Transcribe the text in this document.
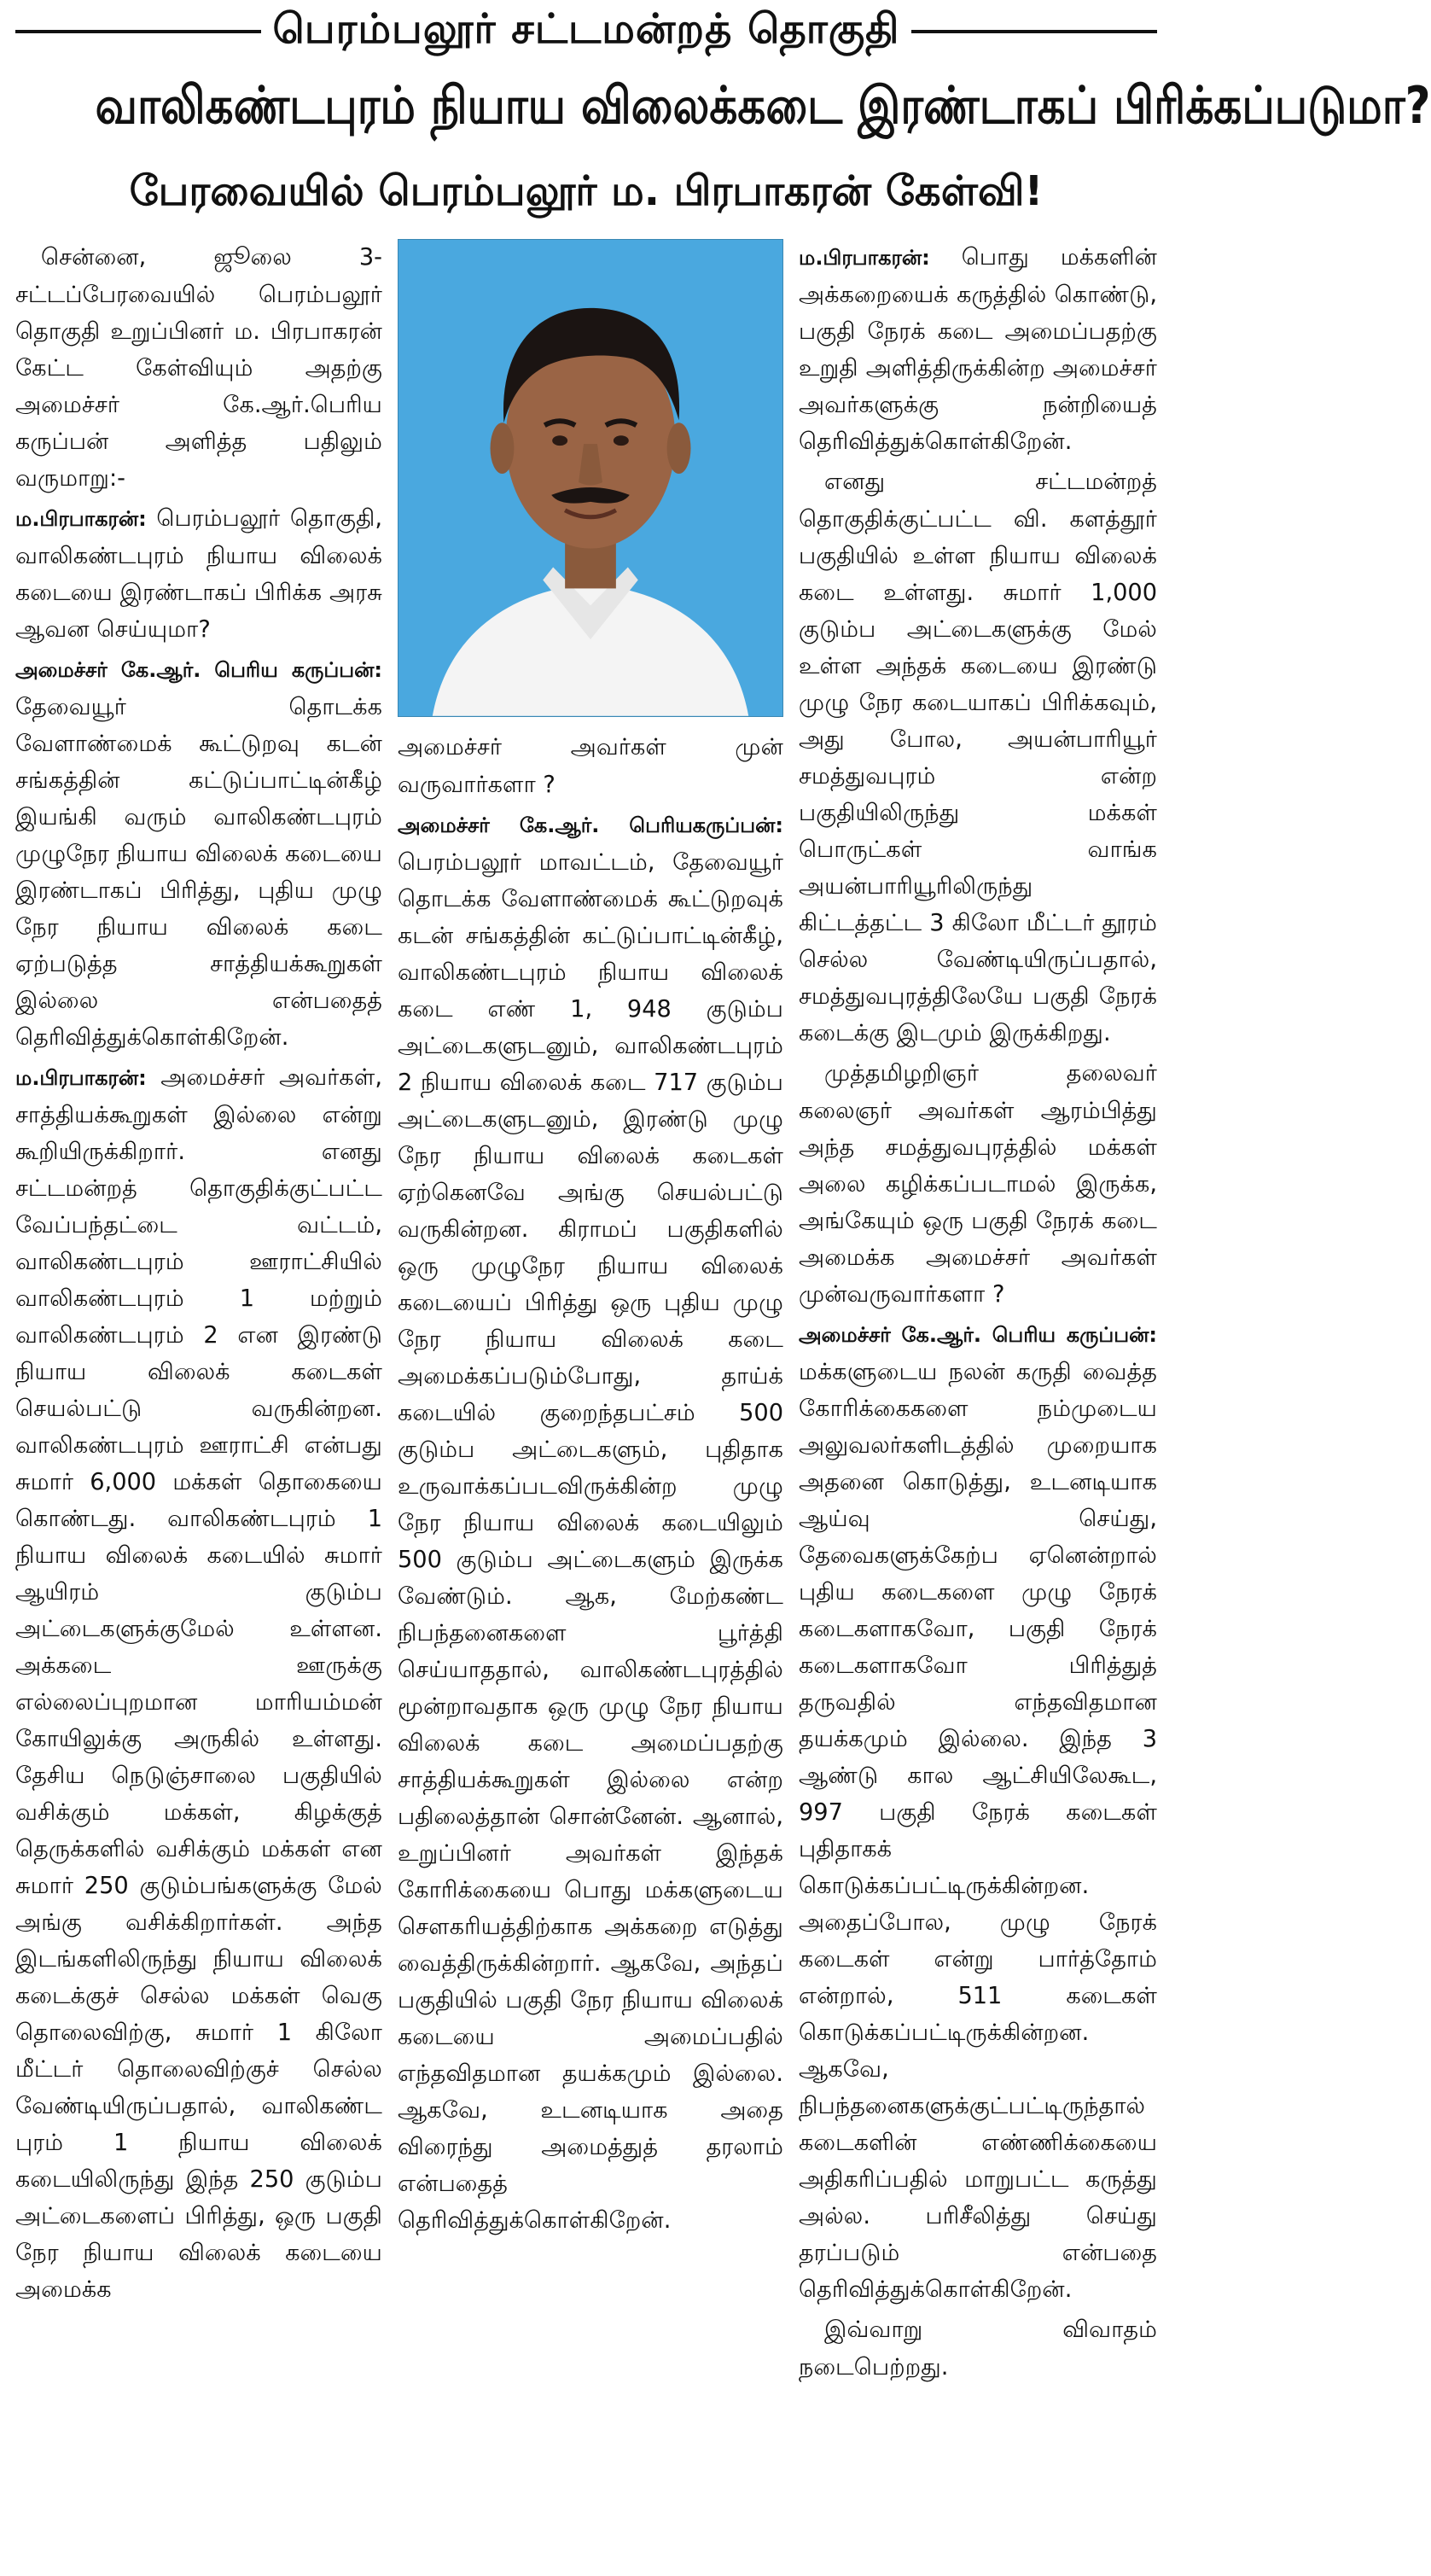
பெரம்பலூர் சட்டமன்றத் தொகுதி
வாலிகண்டபுரம் நியாய விலைக்கடை இரண்டாகப் பிரிக்கப்படுமா?
பேரவையில் பெரம்பலூர் ம. பிரபாகரன் கேள்வி!

சென்னை, ஜூலை 3- சட்டப்பேரவையில் பெரம்பலூர் தொகுதி உறுப்பினர் ம. பிரபாகரன் கேட்ட கேள்வியும் அதற்கு அமைச்சர் கே.ஆர்.பெரிய கருப்பன் அளித்த பதிலும் வருமாறு:-

ம.பிரபாகரன்: பெரம்பலூர் தொகுதி, வாலிகண்டபுரம் நியாய விலைக் கடையை இரண்டாகப் பிரிக்க அரசு ஆவன செய்யுமா?

அமைச்சர் கே.ஆர். பெரிய கருப்பன்: தேவையூர் தொடக்க வேளாண்மைக் கூட்டுறவு கடன் சங்கத்தின் கட்டுப்பாட்டின்கீழ் இயங்கி வரும் வாலிகண்டபுரம் முழுநேர நியாய விலைக் கடையை இரண்டாகப் பிரித்து, புதிய முழு நேர நியாய விலைக் கடை ஏற்படுத்த சாத்தியக்கூறுகள் இல்லை என்பதைத் தெரிவித்துக்கொள்கிறேன்.

ம.பிரபாகரன்: அமைச்சர் அவர்கள், சாத்தியக்கூறுகள் இல்லை என்று கூறியிருக்கிறார். எனது சட்டமன்றத் தொகுதிக்குட்பட்ட வேப்பந்தட்டை வட்டம், வாலிகண்டபுரம் ஊராட்சியில் வாலிகண்டபுரம் 1 மற்றும் வாலிகண்டபுரம் 2 என இரண்டு நியாய விலைக் கடைகள் செயல்பட்டு வருகின்றன. வாலிகண்டபுரம் ஊராட்சி என்பது சுமார் 6,000 மக்கள் தொகையை கொண்டது. வாலிகண்டபுரம் 1 நியாய விலைக் கடையில் சுமார் ஆயிரம் குடும்ப அட்டைகளுக்குமேல் உள்ளன. அக்கடை ஊருக்கு எல்லைப்புறமான மாரியம்மன் கோயிலுக்கு அருகில் உள்ளது. தேசிய நெடுஞ்சாலை பகுதியில் வசிக்கும் மக்கள், கிழக்குத் தெருக்களில் வசிக்கும் மக்கள் என சுமார் 250 குடும்பங்களுக்கு மேல் அங்கு வசிக்கிறார்கள். அந்த இடங்களிலிருந்து நியாய விலைக் கடைக்குச் செல்ல மக்கள் வெகு தொலைவிற்கு, சுமார் 1 கிலோ மீட்டர் தொலைவிற்குச் செல்ல வேண்டியிருப்பதால், வாலிகண்ட புரம் 1 நியாய விலைக் கடையிலிருந்து இந்த 250 குடும்ப அட்டைகளைப் பிரித்து, ஒரு பகுதி நேர நியாய விலைக் கடையை அமைக்க

அமைச்சர் அவர்கள் முன் வருவார்களா ?

அமைச்சர் கே.ஆர். பெரியகருப்பன்: பெரம்பலூர் மாவட்டம், தேவையூர் தொடக்க வேளாண்மைக் கூட்டுறவுக் கடன் சங்கத்தின் கட்டுப்பாட்டின்கீழ், வாலிகண்டபுரம் நியாய விலைக் கடை எண் 1, 948 குடும்ப அட்டைகளுடனும், வாலிகண்டபுரம் 2 நியாய விலைக் கடை 717 குடும்ப அட்டைகளுடனும், இரண்டு முழு நேர நியாய விலைக் கடைகள் ஏற்கெனவே அங்கு செயல்பட்டு வருகின்றன. கிராமப் பகுதிகளில் ஒரு முழுநேர நியாய விலைக் கடையைப் பிரித்து ஒரு புதிய முழு நேர நியாய விலைக் கடை அமைக்கப்படும்போது, தாய்க் கடையில் குறைந்தபட்சம் 500 குடும்ப அட்டைகளும், புதிதாக உருவாக்கப்படவிருக்கின்ற முழு நேர நியாய விலைக் கடையிலும் 500 குடும்ப அட்டைகளும் இருக்க வேண்டும். ஆக, மேற்கண்ட நிபந்தனைகளை பூர்த்தி செய்யாததால், வாலிகண்டபுரத்தில் மூன்றாவதாக ஒரு முழு நேர நியாய விலைக் கடை அமைப்பதற்கு சாத்தியக்கூறுகள் இல்லை என்ற பதிலைத்தான் சொன்னேன். ஆனால், உறுப்பினர் அவர்கள் இந்தக் கோரிக்கையை பொது மக்களுடைய சௌகரியத்திற்காக அக்கறை எடுத்து வைத்திருக்கின்றார். ஆகவே, அந்தப் பகுதியில் பகுதி நேர நியாய விலைக் கடையை அமைப்பதில் எந்தவிதமான தயக்கமும் இல்லை. ஆகவே, உடனடியாக அதை விரைந்து அமைத்துத் தரலாம் என்பதைத் தெரிவித்துக்கொள்கிறேன்.

ம.பிரபாகரன்: பொது மக்களின் அக்கறையைக் கருத்தில் கொண்டு, பகுதி நேரக் கடை அமைப்பதற்கு உறுதி அளித்திருக்கின்ற அமைச்சர் அவர்களுக்கு நன்றியைத் தெரிவித்துக்கொள்கிறேன்.

எனது சட்டமன்றத் தொகுதிக்குட்பட்ட வி. களத்தூர் பகுதியில் உள்ள நியாய விலைக் கடை உள்ளது. சுமார் 1,000 குடும்ப அட்டைகளுக்கு மேல் உள்ள அந்தக் கடையை இரண்டு முழு நேர கடையாகப் பிரிக்கவும், அது போல, அயன்பாரியூர் சமத்துவபுரம் என்ற பகுதியிலிருந்து மக்கள் பொருட்கள் வாங்க அயன்பாரியூரிலிருந்து கிட்டத்தட்ட 3 கிலோ மீட்டர் தூரம் செல்ல வேண்டியிருப்பதால், சமத்துவபுரத்திலேயே பகுதி நேரக் கடைக்கு இடமும் இருக்கிறது.

முத்தமிழறிஞர் தலைவர் கலைஞர் அவர்கள் ஆரம்பித்து அந்த சமத்துவபுரத்தில் மக்கள் அலை கழிக்கப்படாமல் இருக்க, அங்கேயும் ஒரு பகுதி நேரக் கடை அமைக்க அமைச்சர் அவர்கள் முன்வருவார்களா ?

அமைச்சர் கே.ஆர். பெரிய கருப்பன்: மக்களுடைய நலன் கருதி வைத்த கோரிக்கைகளை நம்முடைய அலுவலர்களிடத்தில் முறையாக அதனை கொடுத்து, உடனடியாக ஆய்வு செய்து, தேவைகளுக்கேற்ப ஏனென்றால் புதிய கடைகளை முழு நேரக் கடைகளாகவோ, பகுதி நேரக் கடைகளாகவோ பிரித்துத் தருவதில் எந்தவிதமான தயக்கமும் இல்லை. இந்த 3 ஆண்டு கால ஆட்சியிலேகூட, 997 பகுதி நேரக் கடைகள் புதிதாகக் கொடுக்கப்பட்டிருக்கின்றன. அதைப்போல, முழு நேரக் கடைகள் என்று பார்த்தோம் என்றால், 511 கடைகள் கொடுக்கப்பட்டிருக்கின்றன. ஆகவே, நிபந்தனைகளுக்குட்பட்டிருந்தால் கடைகளின் எண்ணிக்கையை அதிகரிப்பதில் மாறுபட்ட கருத்து அல்ல. பரிசீலித்து செய்து தரப்படும் என்பதை தெரிவித்துக்கொள்கிறேன்.

இவ்வாறு விவாதம் நடைபெற்றது.
